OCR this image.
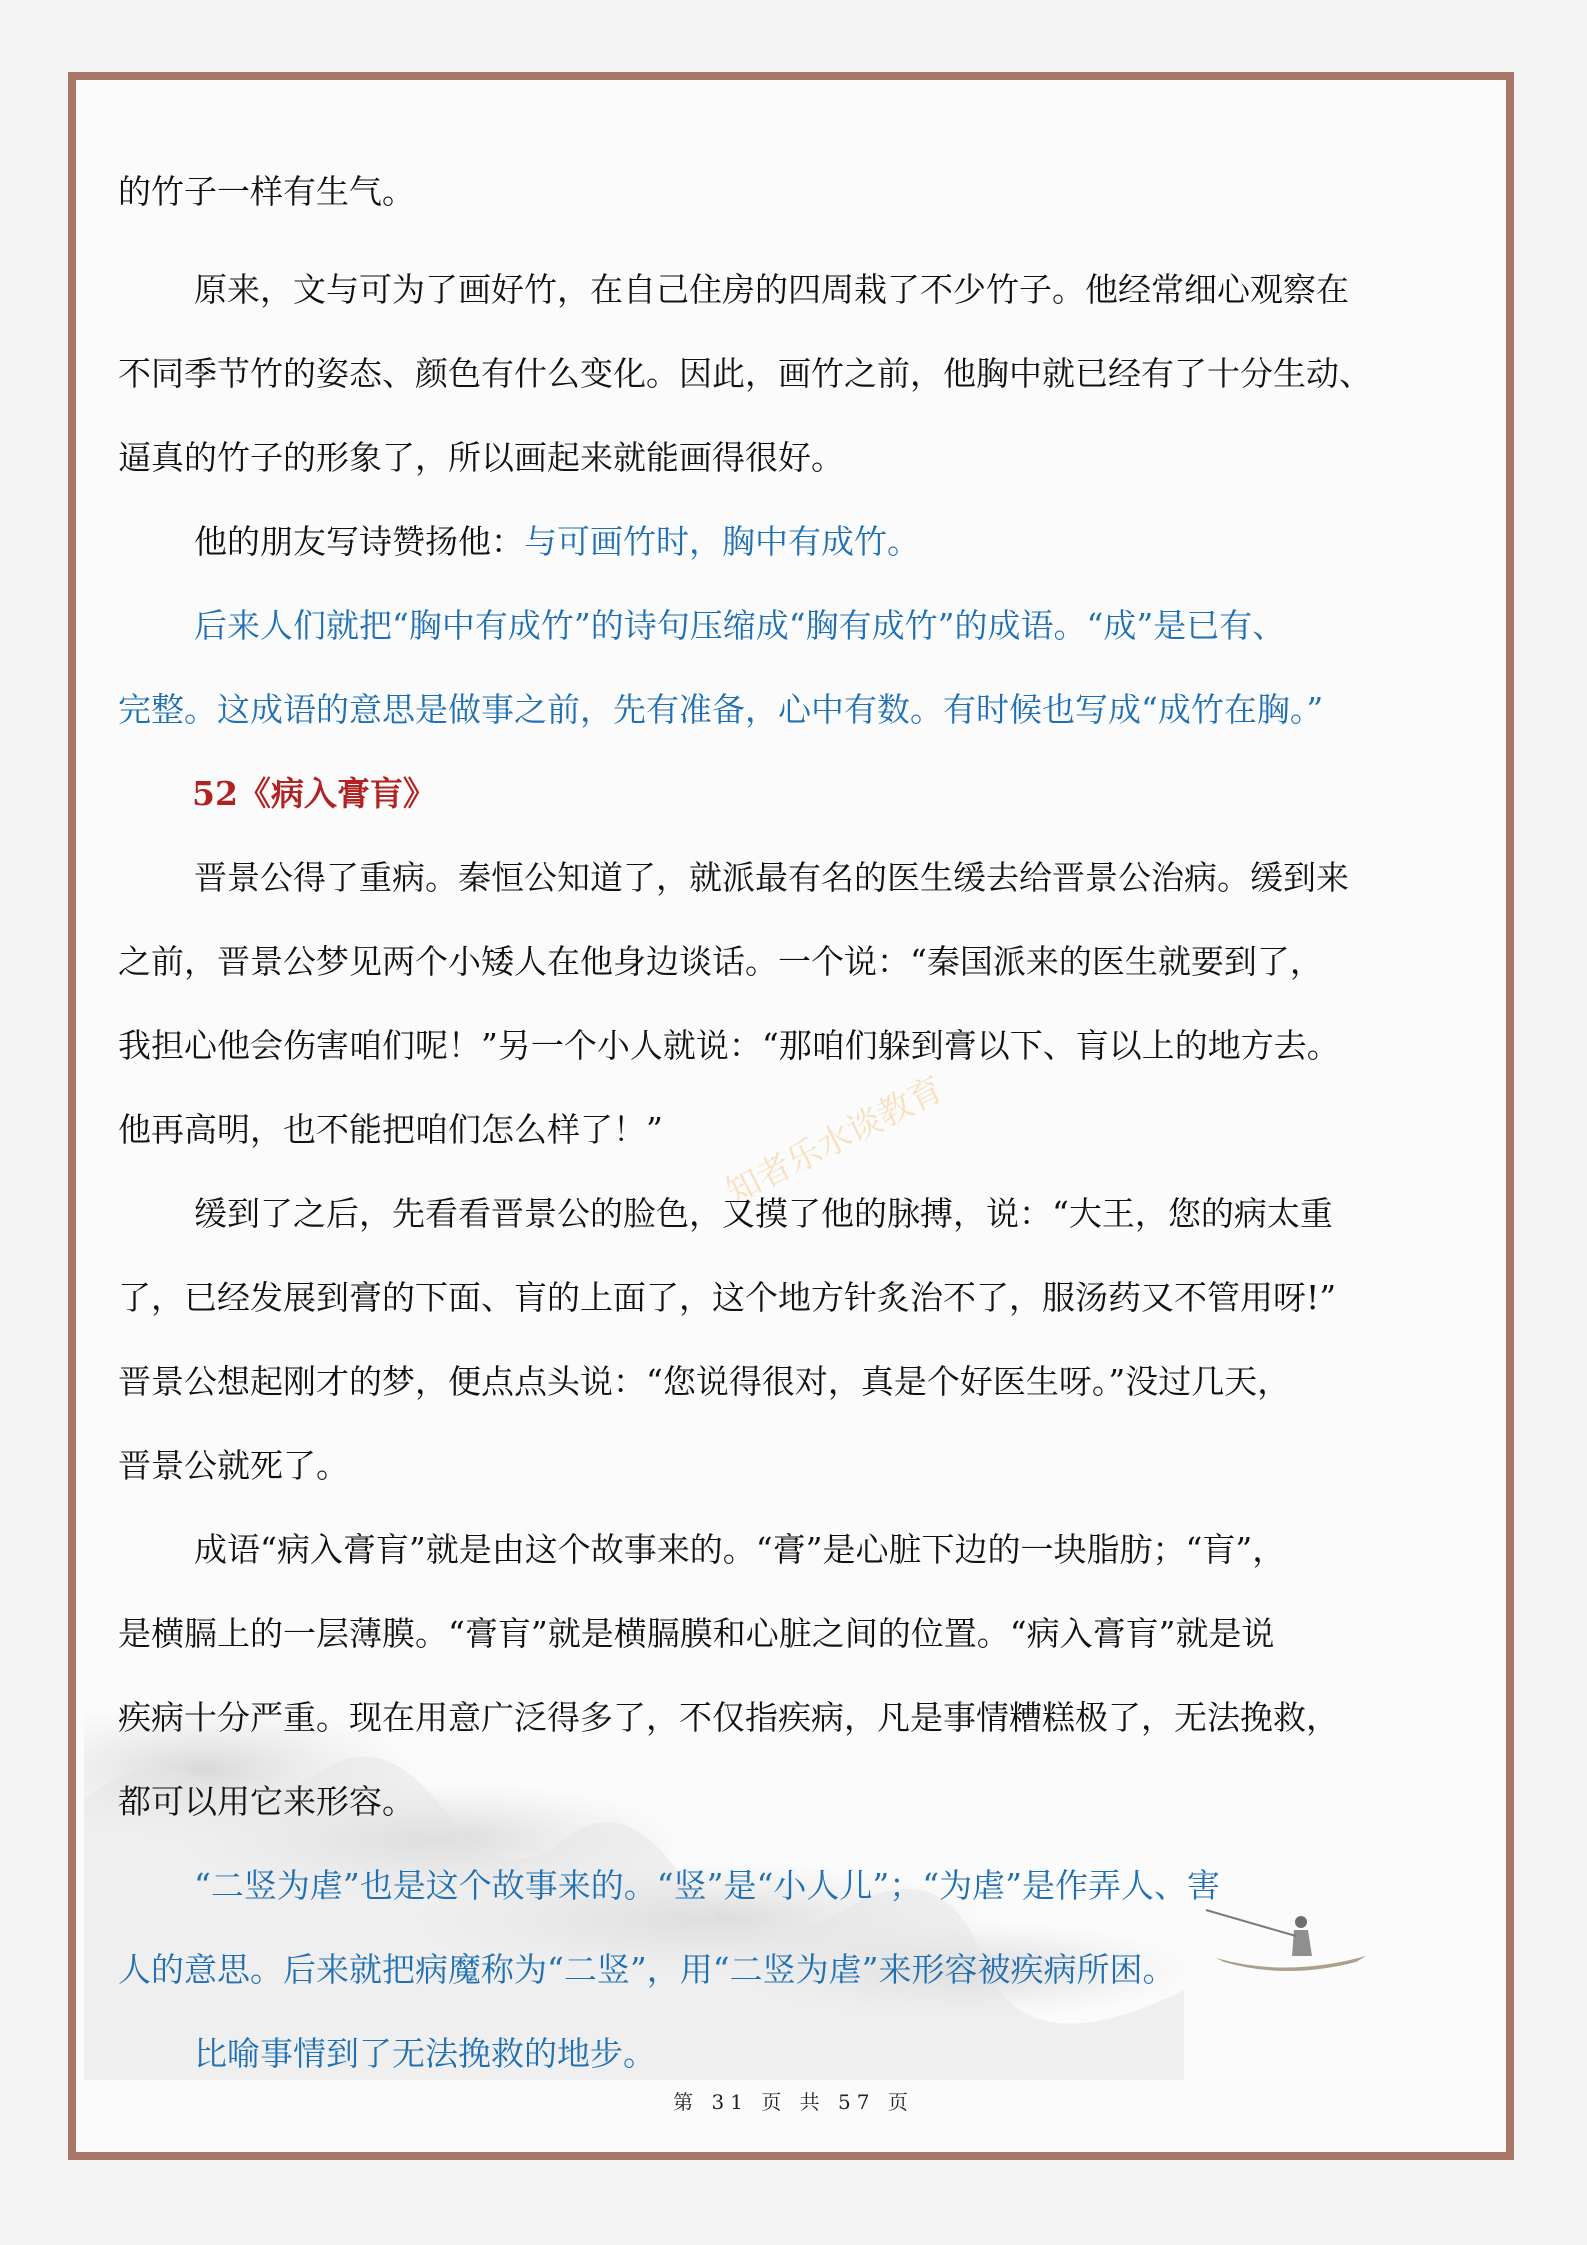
知者乐水谈教育
的竹子一样有生气。
原来，文与可为了画好竹，在自己住房的四周栽了不少竹子。他经常细心观察在
不同季节竹的姿态、颜色有什么变化。因此，画竹之前，他胸中就已经有了十分生动、
逼真的竹子的形象了，所以画起来就能画得很好。
他的朋友写诗赞扬他：与可画竹时，胸中有成竹。
后来人们就把“胸中有成竹”的诗句压缩成“胸有成竹”的成语。“成”是已有、
完整。这成语的意思是做事之前，先有准备，心中有数。有时候也写成“成竹在胸。”
52《病入膏肓》
晋景公得了重病。秦恒公知道了，就派最有名的医生缓去给晋景公治病。缓到来
之前，晋景公梦见两个小矮人在他身边谈话。一个说：“秦国派来的医生就要到了，
我担心他会伤害咱们呢！”另一个小人就说：“那咱们躲到膏以下、肓以上的地方去。
他再高明，也不能把咱们怎么样了！”
缓到了之后，先看看晋景公的脸色，又摸了他的脉搏，说：“大王，您的病太重
了，已经发展到膏的下面、肓的上面了，这个地方针炙治不了，服汤药又不管用呀!”
晋景公想起刚才的梦，便点点头说：“您说得很对，真是个好医生呀。”没过几天，
晋景公就死了。
成语“病入膏肓”就是由这个故事来的。“膏”是心脏下边的一块脂肪；“肓”，
是横膈上的一层薄膜。“膏肓”就是横膈膜和心脏之间的位置。“病入膏肓”就是说
疾病十分严重。现在用意广泛得多了，不仅指疾病，凡是事情糟糕极了，无法挽救，
都可以用它来形容。
“二竖为虐”也是这个故事来的。“竖”是“小人儿”；“为虐”是作弄人、害
人的意思。后来就把病魔称为“二竖”，用“二竖为虐”来形容被疾病所困。
比喻事情到了无法挽救的地步。
第 31 页 共 57 页
